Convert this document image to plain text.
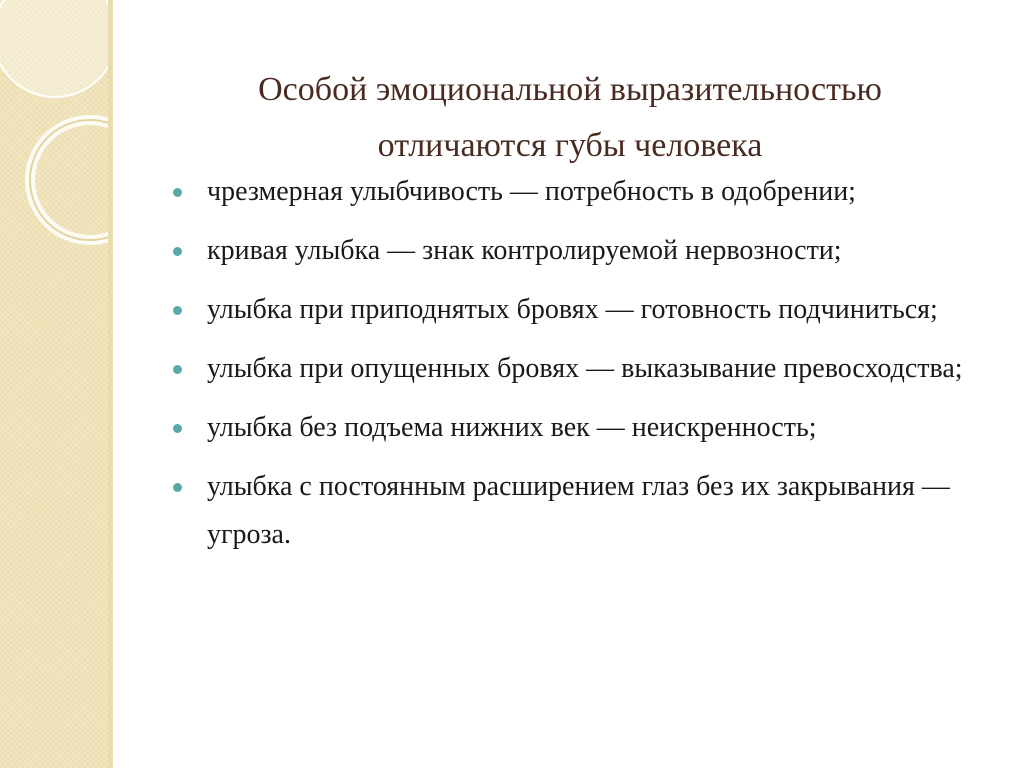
Особой эмоциональной выразительностью
отличаются губы человека
чрезмерная улыбчивость — потребность в одобрении;
кривая улыбка — знак контролируемой нервозности;
улыбка при приподнятых бровях — готовность подчиниться;
улыбка при опущенных бровях — выказывание превосходства;
улыбка без подъема нижних век — неискренность;
улыбка с постоянным расширением глаз без их закрывания — угроза.
